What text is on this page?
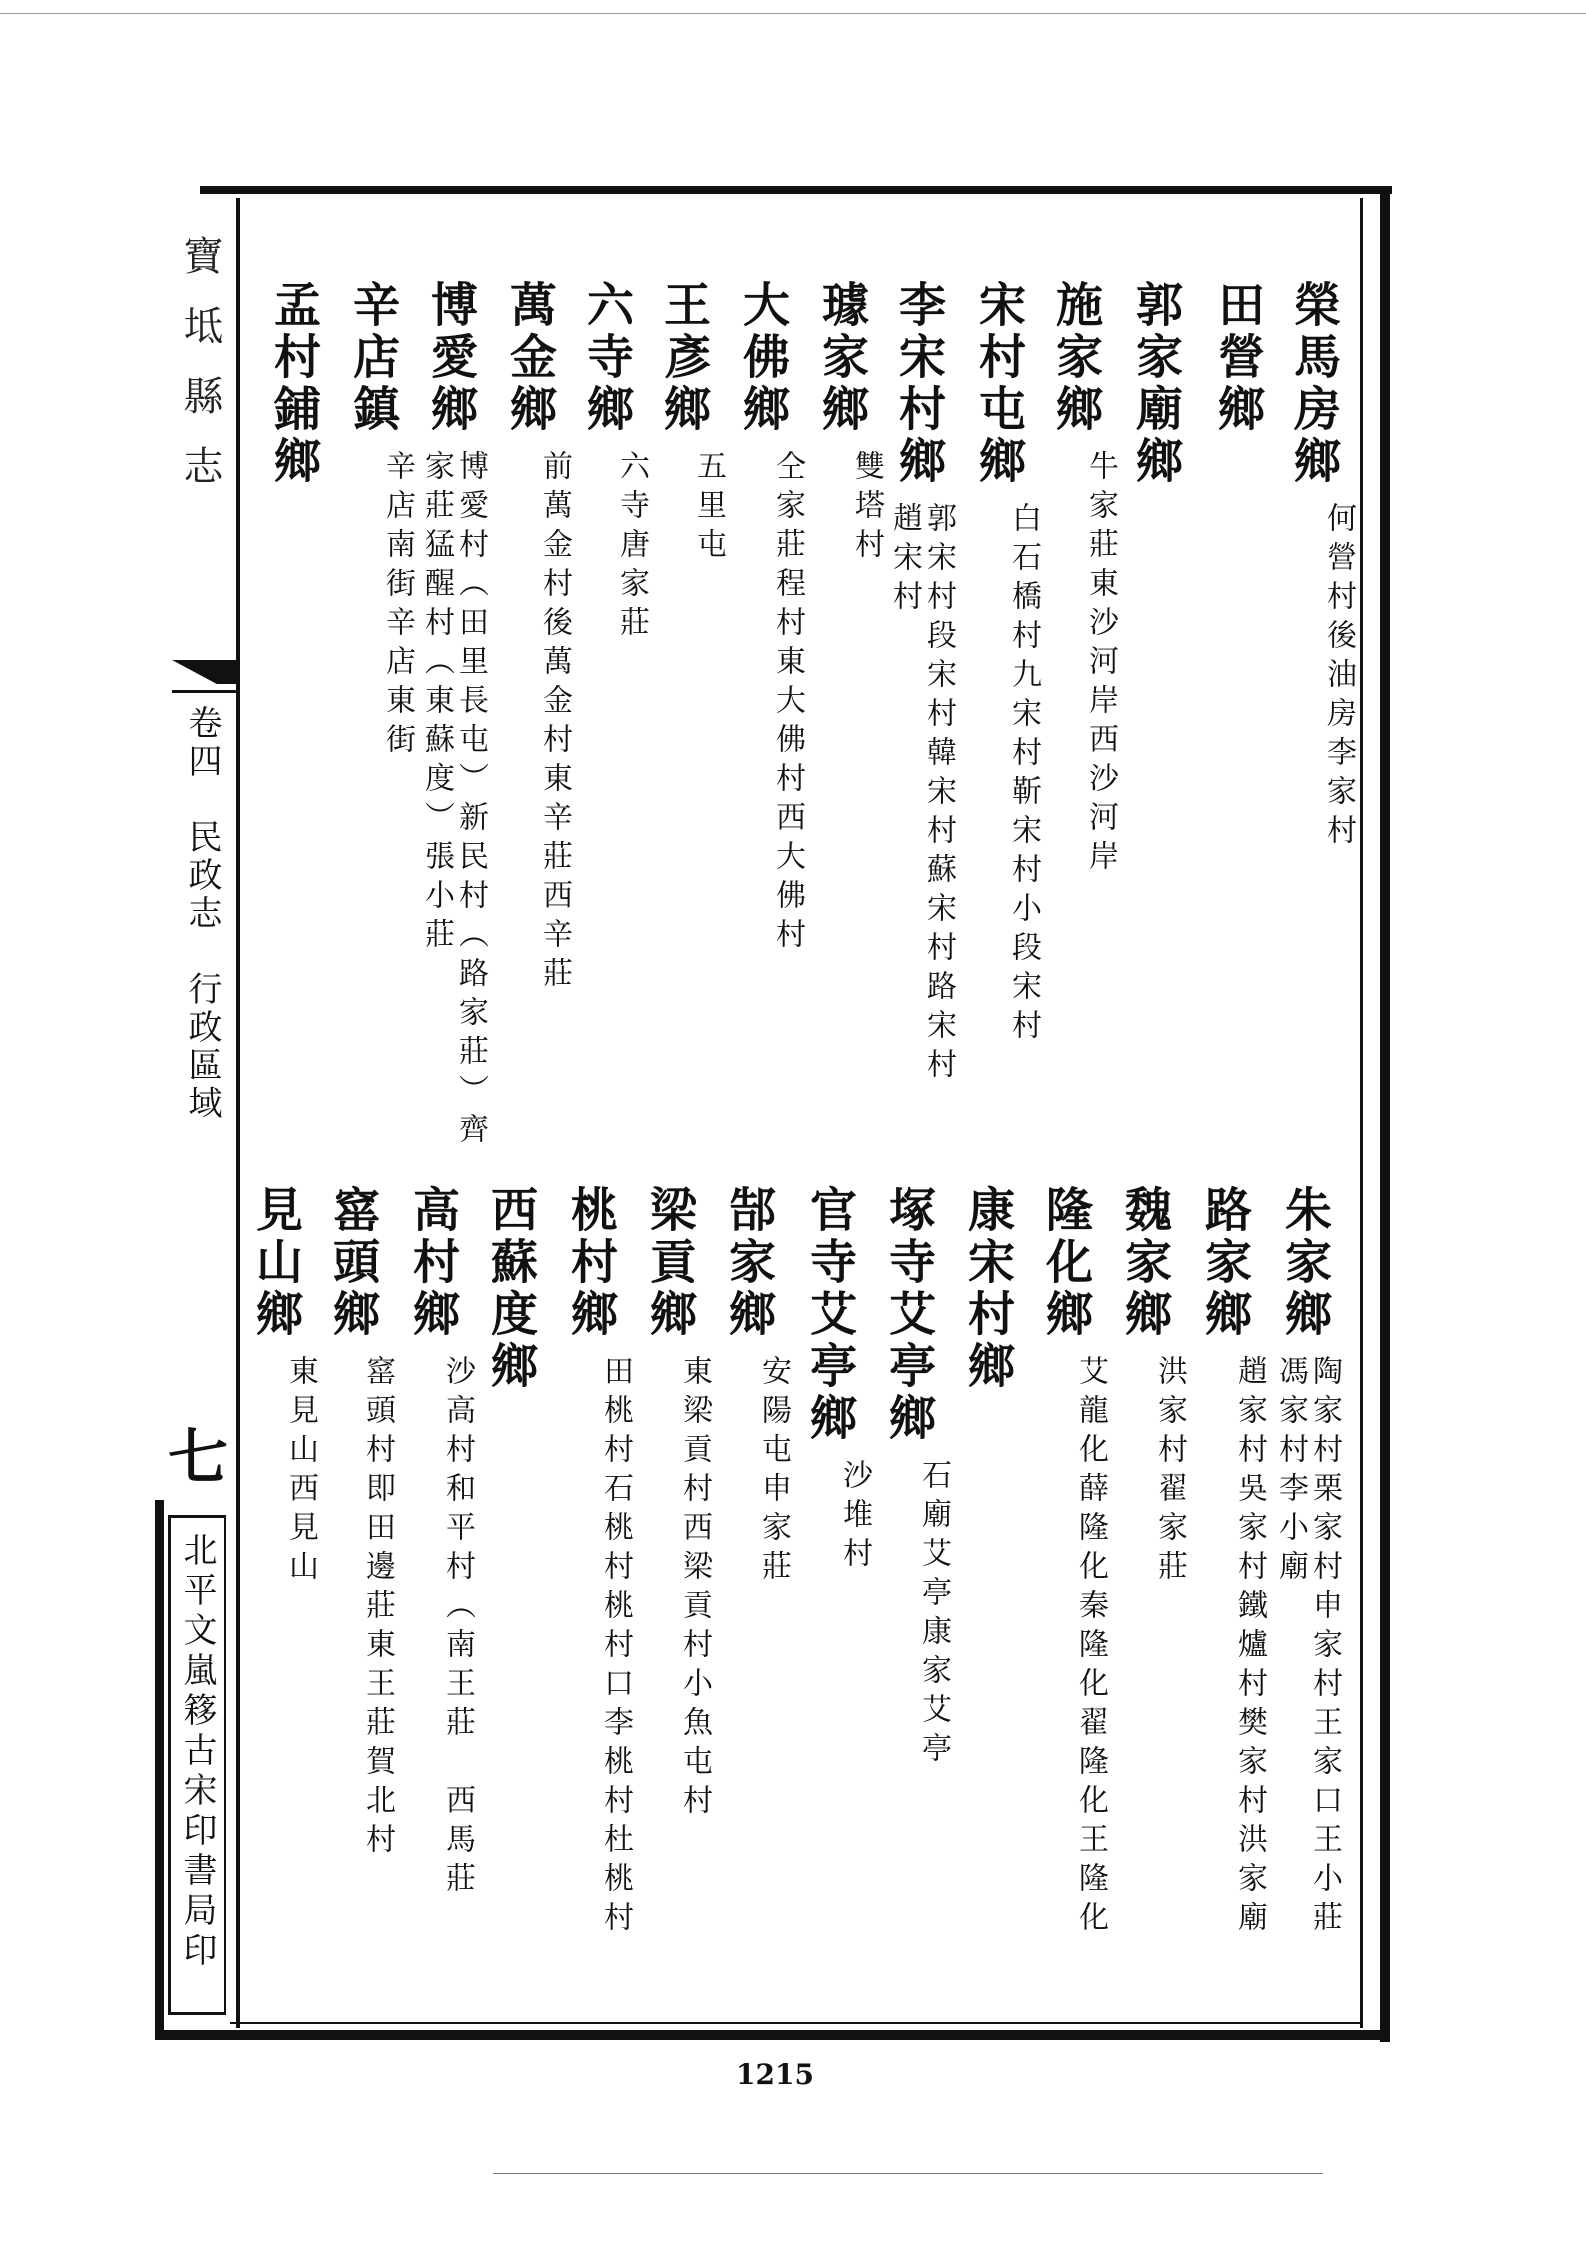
寶坻縣志
卷四　民政志　行政區域
七
北平文嵐簃古宋印書局印
榮馬房鄉
何營村後油房李家村
田營鄉
郭家廟鄉
施家鄉
牛家莊東沙河岸西沙河岸
宋村屯鄉
白石橋村九宋村靳宋村小段宋村
李宋村鄉
郭宋村段宋村韓宋村蘇宋村路宋村
趙宋村
璩家鄉
雙塔村
大佛鄉
仝家莊程村東大佛村西大佛村
王彥鄉
五里屯
六寺鄉
六寺唐家莊
萬金鄉
前萬金村後萬金村東辛莊西辛莊
博愛鄉
博愛村（田里長屯）新民村（路家莊）齊
家莊猛醒村（東蘇度）張小莊
辛店鎮
辛店南街辛店東街
孟村鋪鄉
朱家鄉
陶家村栗家村申家村王家口王小莊
馮家村李小廟
路家鄉
趙家村吳家村鐵爐村樊家村洪家廟
魏家鄉
洪家村翟家莊
隆化鄉
艾龍化薛隆化秦隆化翟隆化王隆化
康宋村鄉
塚寺艾亭鄉
石廟艾亭康家艾亭
官寺艾亭鄉
沙堆村
郜家鄉
安陽屯申家莊
梁貢鄉
東梁貢村西梁貢村小魚屯村
桃村鄉
田桃村石桃村桃村口李桃村杜桃村
西蘇度鄉
高村鄉
沙高村和平村（南王莊　西馬莊
窰頭鄉
窰頭村即田邊莊東王莊賀北村
見山鄉
東見山西見山
1215
